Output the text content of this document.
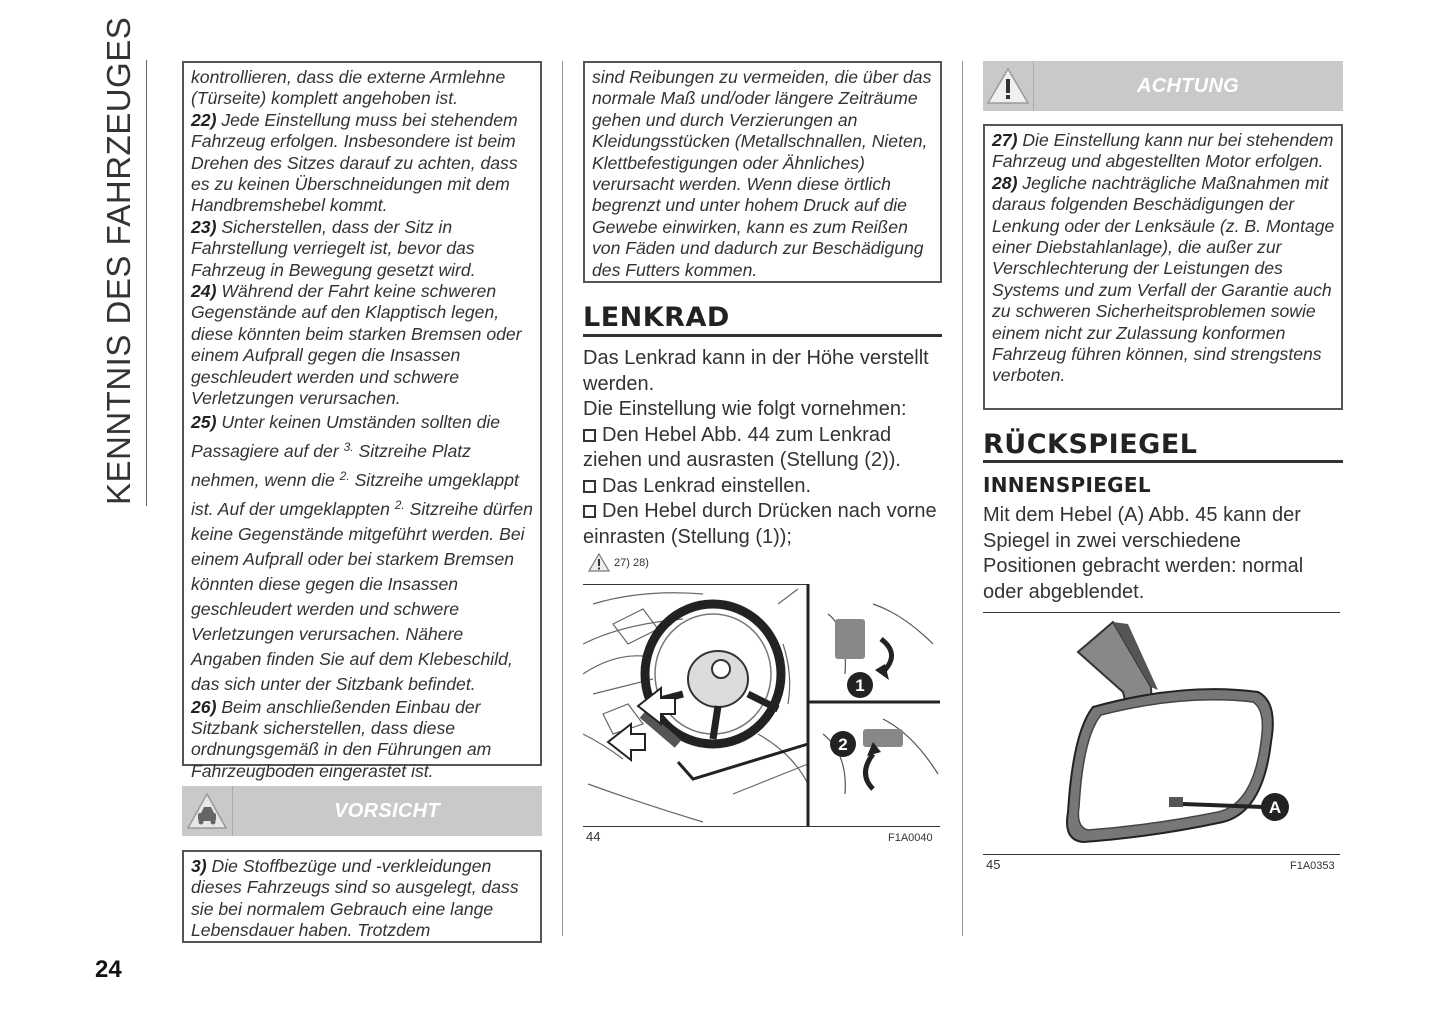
KENNTNIS DES FAHRZEUGES
24

kontrollieren, dass die externe Armlehne (Türseite) komplett angehoben ist.

22) Jede Einstellung muss bei stehendem Fahrzeug erfolgen. Insbesondere ist beim Drehen des Sitzes darauf zu achten, dass es zu keinen Überschneidungen mit dem Handbremshebel kommt.

23) Sicherstellen, dass der Sitz in Fahrstellung verriegelt ist, bevor das Fahrzeug in Bewegung gesetzt wird.

24) Während der Fahrt keine schweren Gegenstände auf den Klapptisch legen, diese könnten beim starken Bremsen oder einem Aufprall gegen die Insassen geschleudert werden und schwere Verletzungen verursachen.

25) Unter keinen Umständen sollten die Passagiere auf der $^{3.}$ Sitzreihe Platz nehmen, wenn die $^{2.}$ Sitzreihe umgeklappt ist. Auf der umgeklappten $^{2.}$ Sitzreihe dürfen keine Gegenstände mitgeführt werden. Bei einem Aufprall oder bei starkem Bremsen könnten diese gegen die Insassen geschleudert werden und schwere Verletzungen verursachen. Nähere Angaben finden Sie auf dem Klebeschild, das sich unter der Sitzbank befindet.

26) Beim anschließenden Einbau der Sitzbank sicherstellen, dass diese ordnungsgemäß in den Führungen am Fahrzeugboden eingerastet ist.

VORSICHT

3) Die Stoffbezüge und -verkleidungen dieses Fahrzeugs sind so ausgelegt, dass sie bei normalem Gebrauch eine lange Lebensdauer haben. Trotzdem

sind Reibungen zu vermeiden, die über das normale Maß und/oder längere Zeiträume gehen und durch Verzierungen an Kleidungsstücken (Metallschnallen, Nieten, Klettbefestigungen oder Ähnliches) verursacht werden. Wenn diese örtlich begrenzt und unter hohem Druck auf die Gewebe einwirken, kann es zum Reißen von Fäden und dadurch zur Beschädigung des Futters kommen.

LENKRAD

Das Lenkrad kann in der Höhe verstellt werden.

Die Einstellung wie folgt vornehmen:

Den Hebel Abb. 44 zum Lenkrad ziehen und ausrasten (Stellung (2)).

Das Lenkrad einstellen.

Den Hebel durch Drücken nach vorne einrasten (Stellung (1));

27) 28)
1
2
44	F1A0040
ACHTUNG

27) Die Einstellung kann nur bei stehendem Fahrzeug und abgestellten Motor erfolgen.

28) Jegliche nachträgliche Maßnahmen mit daraus folgenden Beschädigungen der Lenkung oder der Lenksäule (z. B. Montage einer Diebstahlanlage), die außer zur Verschlechterung der Leistungen des Systems und zum Verfall der Garantie auch zu schweren Sicherheitsproblemen sowie einem nicht zur Zulassung konformen Fahrzeug führen können, sind strengstens verboten.

RÜCKSPIEGEL
INNENSPIEGEL

Mit dem Hebel (A) Abb. 45 kann der Spiegel in zwei verschiedene Positionen gebracht werden: normal oder abgeblendet.

A
45	F1A0353
